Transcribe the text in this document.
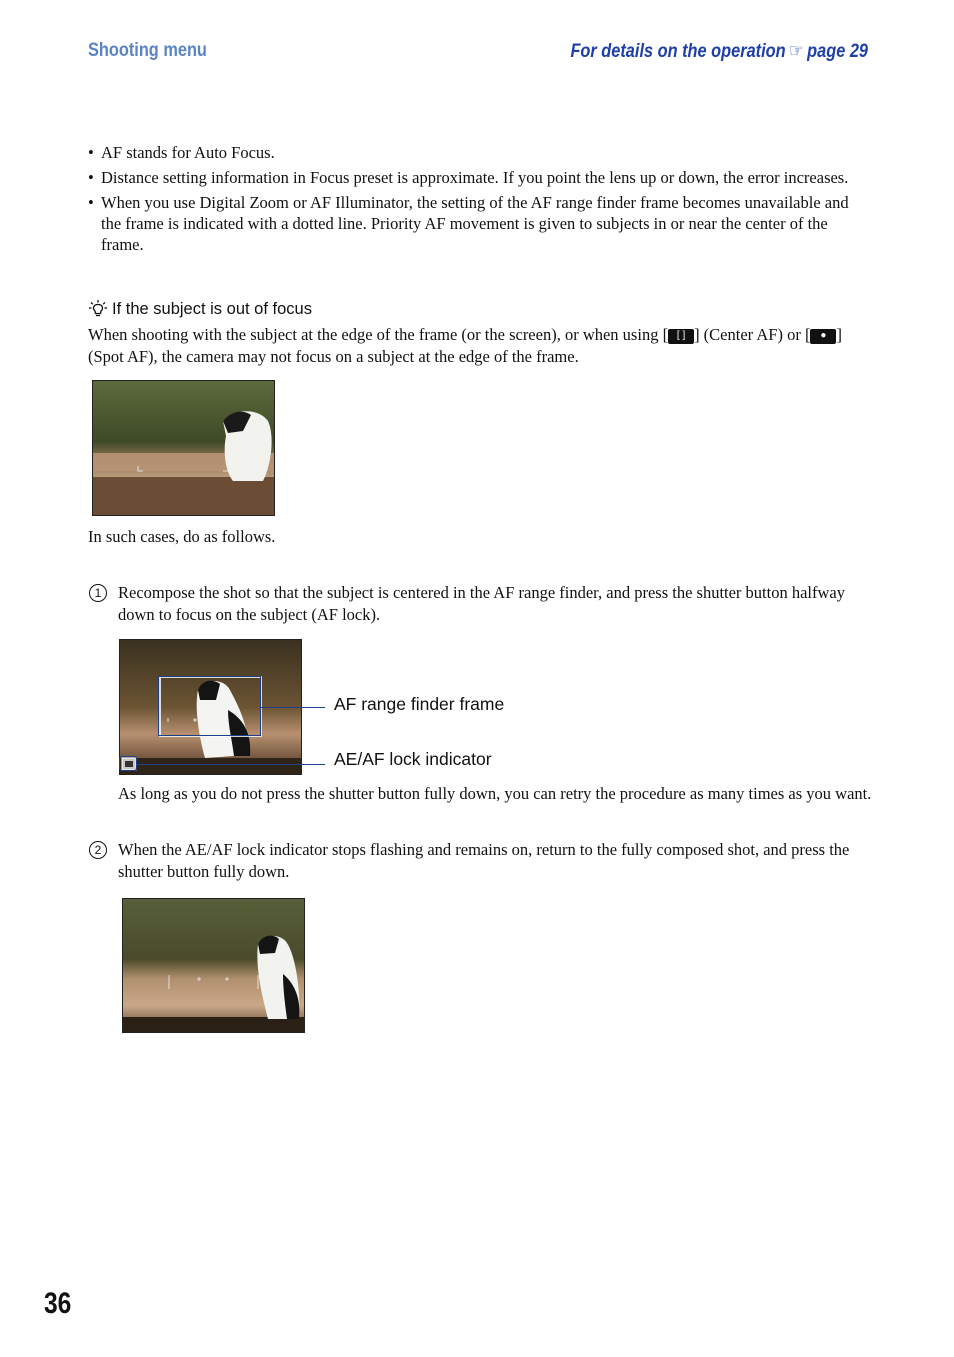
Shooting menu	For details on the operation ☞ page 29
• AF stands for Auto Focus.
• Distance setting information in Focus preset is approximate. If you point the lens up or down, the error increases.
• When you use Digital Zoom or AF Illuminator, the setting of the AF range finder frame becomes unavailable and the frame is indicated with a dotted line. Priority AF movement is given to subjects in or near the center of the frame.
If the subject is out of focus
When shooting with the subject at the edge of the frame (or the screen), or when using [ [ ] ] (Center AF) or [ ● ] (Spot AF), the camera may not focus on a subject at the edge of the frame.
In such cases, do as follows.
1	Recompose the shot so that the subject is centered in the AF range finder, and press the shutter button halfway down to focus on the subject (AF lock).
AF range finder frame
AE/AF lock indicator
As long as you do not press the shutter button fully down, you can retry the procedure as many times as you want.
2	When the AE/AF lock indicator stops flashing and remains on, return to the fully composed shot, and press the shutter button fully down.
36
